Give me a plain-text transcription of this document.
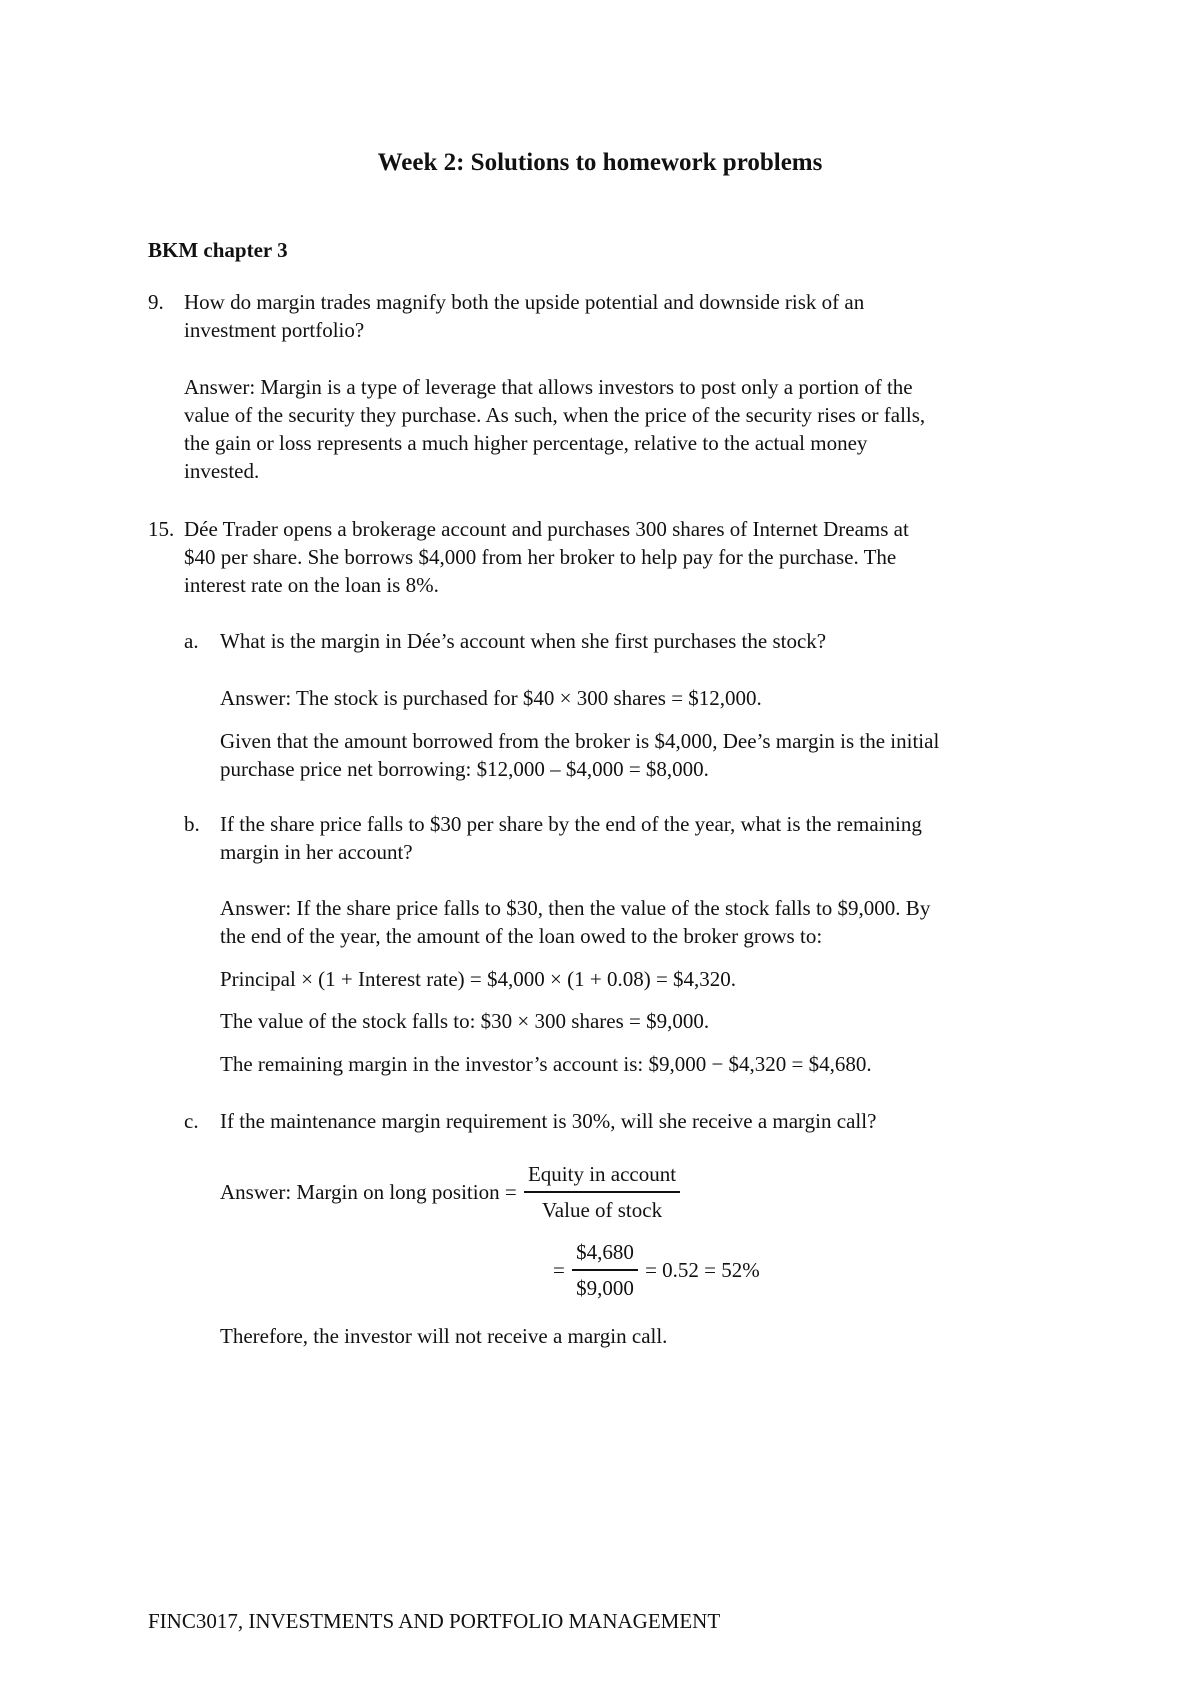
Week 2: Solutions to homework problems
BKM chapter 3
9. How do margin trades magnify both the upside potential and downside risk of an
investment portfolio?
Answer: Margin is a type of leverage that allows investors to post only a portion of the
value of the security they purchase. As such, when the price of the security rises or falls,
the gain or loss represents a much higher percentage, relative to the actual money
invested.
15. Dée Trader opens a brokerage account and purchases 300 shares of Internet Dreams at
$40 per share. She borrows $4,000 from her broker to help pay for the purchase. The
interest rate on the loan is 8%.
a.	What is the margin in Dée’s account when she first purchases the stock?
Answer: The stock is purchased for $40 × 300 shares = $12,000.
Given that the amount borrowed from the broker is $4,000, Dee’s margin is the initial
purchase price net borrowing: $12,000 – $4,000 = $8,000.
b. If the share price falls to $30 per share by the end of the year, what is the remaining
margin in her account?
Answer: If the share price falls to $30, then the value of the stock falls to $9,000. By
the end of the year, the amount of the loan owed to the broker grows to:
Principal × (1 + Interest rate) = $4,000 × (1 + 0.08) = $4,320.
The value of the stock falls to: $30 × 300 shares = $9,000.
The remaining margin in the investor’s account is: $9,000 − $4,320 = $4,680.
c.	If the maintenance margin requirement is 30%, will she receive a margin call?
Answer: Margin on long position = $\frac{\text{Equity in account}}{\text{Value of stock}}$
= $\frac{\$4,680}{\$9,000} = 0.52 = 52\%$
Therefore, the investor will not receive a margin call.
FINC3017, INVESTMENTS AND PORTFOLIO MANAGEMENT
